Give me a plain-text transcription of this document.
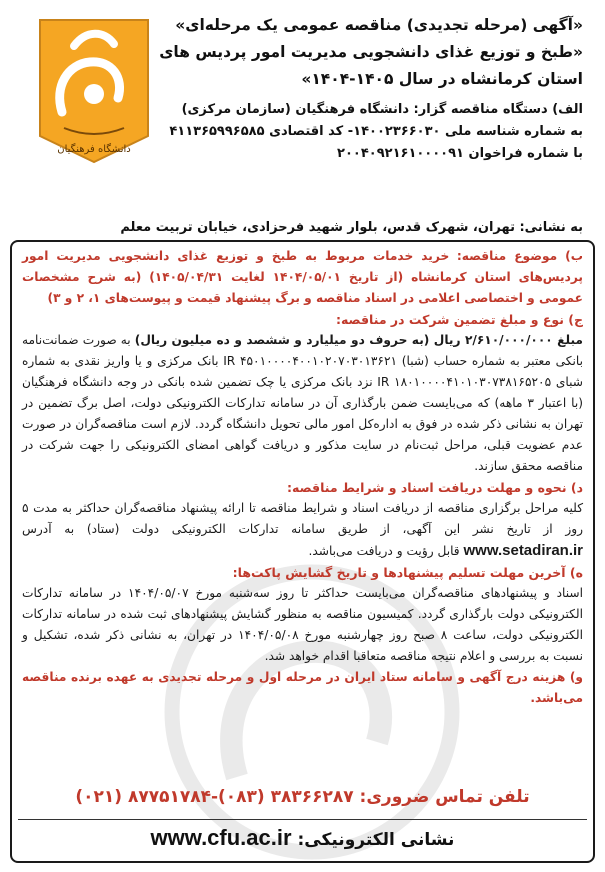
دانشگاه فرهنگیان

«آگهی (مرحله تجدیدی) مناقصه عمومی یک مرحله‌ای»

«طبخ و توزیع غذای دانشجویی مدیریت امور پردیس های

استان کرمانشاه در سال ۱۴۰۵-۱۴۰۴»

الف) دستگاه مناقصه گزار: دانشگاه فرهنگیان (سازمان مرکزی)

به شماره شناسه ملی ۱۴۰۰۲۳۶۶۰۳۰- کد اقتصادی ۴۱۱۳۶۵۹۹۶۵۸۵

با شماره فراخوان ۲۰۰۴۰۹۲۱۶۱۰۰۰۰۹۱

به نشانی: تهران، شهرک قدس، بلوار شهید فرحزادی، خیابان تربیت معلم

ب) موضوع مناقصه: خرید خدمات مربوط به طبخ و توزیع غذای دانشجویی مدیریت امور پردیس‌های استان کرمانشاه (از تاریخ ۱۴۰۴/۰۵/۰۱ لغایت ۱۴۰۵/۰۴/۳۱) (به شرح مشخصات عمومی و اختصاصی اعلامی در اسناد مناقصه و برگ پیشنهاد قیمت و پیوست‌های ۱، ۲ و ۳)

ج) نوع و مبلغ تضمین شرکت در مناقصه:

مبلغ ۲/۶۱۰/۰۰۰/۰۰۰ ریال (به حروف دو میلیارد و ششصد و ده میلیون ریال) به صورت ضمانت‌نامه بانکی معتبر به شماره حساب (شبا) IR ۴۵۰۱۰۰۰۰۴۰۰۱۰۲۰۷۰۳۰۱۳۶۲۱ بانک مرکزی و یا واریز نقدی به شماره شبای IR ۱۸۰۱۰۰۰۰۴۱۰۱۰۳۰۷۳۸۱۶۵۲۰۵ نزد بانک مرکزی یا چک تضمین شده بانکی در وجه دانشگاه فرهنگیان (با اعتبار ۳ ماهه) که می‌بایست ضمن بارگذاری آن در سامانه تدارکات الکترونیکی دولت، اصل برگ تضمین در تهران به نشانی ذکر شده در فوق به اداره‌کل امور مالی تحویل دانشگاه گردد. لازم است مناقصه‌گران در صورت عدم عضویت قبلی، مراحل ثبت‌نام در سایت مذکور و دریافت گواهی امضای الکترونیکی را جهت شرکت در مناقصه محقق سازند.

د) نحوه و مهلت دریافت اسناد و شرایط مناقصه:

کلیه مراحل برگزاری مناقصه از دریافت اسناد و شرایط مناقصه تا ارائه پیشنهاد مناقصه‌گران حداکثر به مدت ۵ روز از تاریخ نشر این آگهی، از طریق سامانه تدارکات الکترونیکی دولت (ستاد) به آدرس www.setadiran.ir قابل رؤیت و دریافت می‌باشد.

ه) آخرین مهلت تسلیم پیشنهادها و تاریخ گشایش پاکت‌ها:

اسناد و پیشنهادهای مناقصه‌گران می‌بایست حداکثر تا روز سه‌شنبه مورخ ۱۴۰۴/۰۵/۰۷ در سامانه تدارکات الکترونیکی دولت بارگذاری گردد. کمیسیون مناقصه به منظور گشایش پیشنهادهای ثبت شده در سامانه تدارکات الکترونیکی دولت، ساعت ۸ صبح روز چهارشنبه مورخ ۱۴۰۴/۰۵/۰۸ در تهران، به نشانی ذکر شده، تشکیل و نسبت به بررسی و اعلام نتیجه مناقصه متعاقبا اقدام خواهد شد.

و) هزینه درج آگهی و سامانه ستاد ایران در مرحله اول و مرحله تجدیدی به عهده برنده مناقصه می‌باشد.

تلفن تماس ضروری: (۰۲۱) ۸۷۷۵۱۷۸۴-(۰۸۳) ۳۸۳۶۶۲۸۷
نشانی الکترونیکی: www.cfu.ac.ir
